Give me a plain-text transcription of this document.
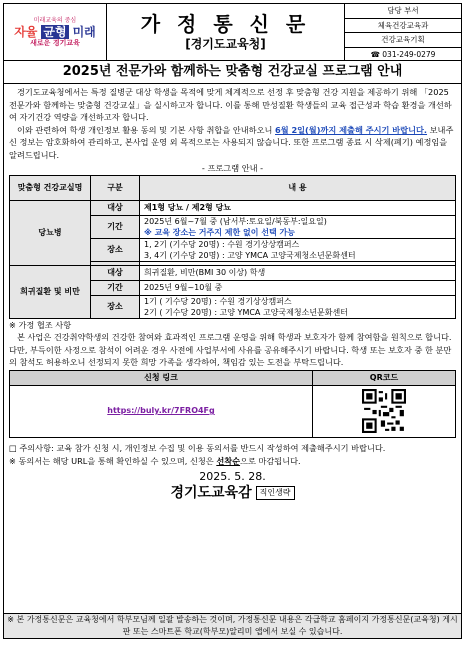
미래교육의 중심
자율 균형 미래
새로운 경기교육
가 정 통 신 문
[경기도교육청]
담당 부서
체육건강교육과
건강교육기획
☎ 031-249-0279
2025년 전문가와 함께하는 맞춤형 건강교실 프로그램 안내

경기도교육청에서는 특정 질병군 대상 학생을 목적에 맞게 체계적으로 선정 후 맞춤형 건강 지원을 제공하기 위해 「2025 전문가와 함께하는 맞춤형 건강교실」을 실시하고자 합니다. 이를 통해 만성질환 학생들의 교육 접근성과 학습 환경을 개선하여 자기건강 역량을 개선하고자 합니다.

이와 관련하여 학생 개인정보 활용 동의 및 기본 사항 취합을 안내하오니 6월 2일(월)까지 제출해 주시기 바랍니다. 보내주신 정보는 암호화하여 관리하고, 본사업 운영 외 목적으로는 사용되지 않습니다. 또한 프로그램 종료 시 삭제(폐기) 예정임을 알려드립니다.

- 프로그램 안내 -
맞춤형 건강교실명	구분	내 용
당뇨병	대상	제1형 당뇨 / 제2형 당뇨
	기간	2025년 6월~7월 중 (남서부:토요일/북동부:일요일)
※ 교육 장소는 거주지 제한 없이 선택 가능

	장소	1, 2기 (기수당 20명) : 수원 경기상상캠퍼스
3, 4기 (기수당 20명) : 고양 YMCA 고양국제청소년문화센터

희귀질환 및 비만	대상	희귀질환, 비만(BMI 30 이상) 학생
	기간	2025년 9월~10월 중
	장소	1기 ( 기수당 20명) : 수원 경기상상캠퍼스
2기 ( 기수당 20명) : 고양 YMCA 고양국제청소년문화센터
※ 가정 협조 사항

본 사업은 건강취약학생의 건강한 참여와 효과적인 프로그램 운영을 위해 학생과 보호자가 함께 참여함을 원칙으로 합니다. 다만, 부득이한 사정으로 참석이 어려운 경우 사전에 사업부서에 사유를 공유해주시기 바랍니다. 학생 또는 보호자 중 한 분만의 참석도 허용하오니 선정되지 못한 희망 가족을 생각하여, 책임감 있는 도전을 부탁드립니다.

신청 링크	QR코드
https://buly.kr/7FRO4Fg	
□ 주의사항: 교육 참가 신청 시, 개인정보 수집 및 이용 동의서를 반드시 작성하여 제출해주시기 바랍니다.
※ 동의서는 해당 URL을 통해 확인하실 수 있으며, 신청은 선착순으로 마감됩니다.
2025. 5. 28.
경기도교육감 직인생략
※ 본 가정통신문은 교육청에서 학부모님께 일괄 발송하는 것이며, 가정통신문 내용은 각급학교 홈페이지 가정통신문(교육청) 게시판 또는 스마트폰 학교(학부모)알리미 앱에서 보실 수 있습니다.
